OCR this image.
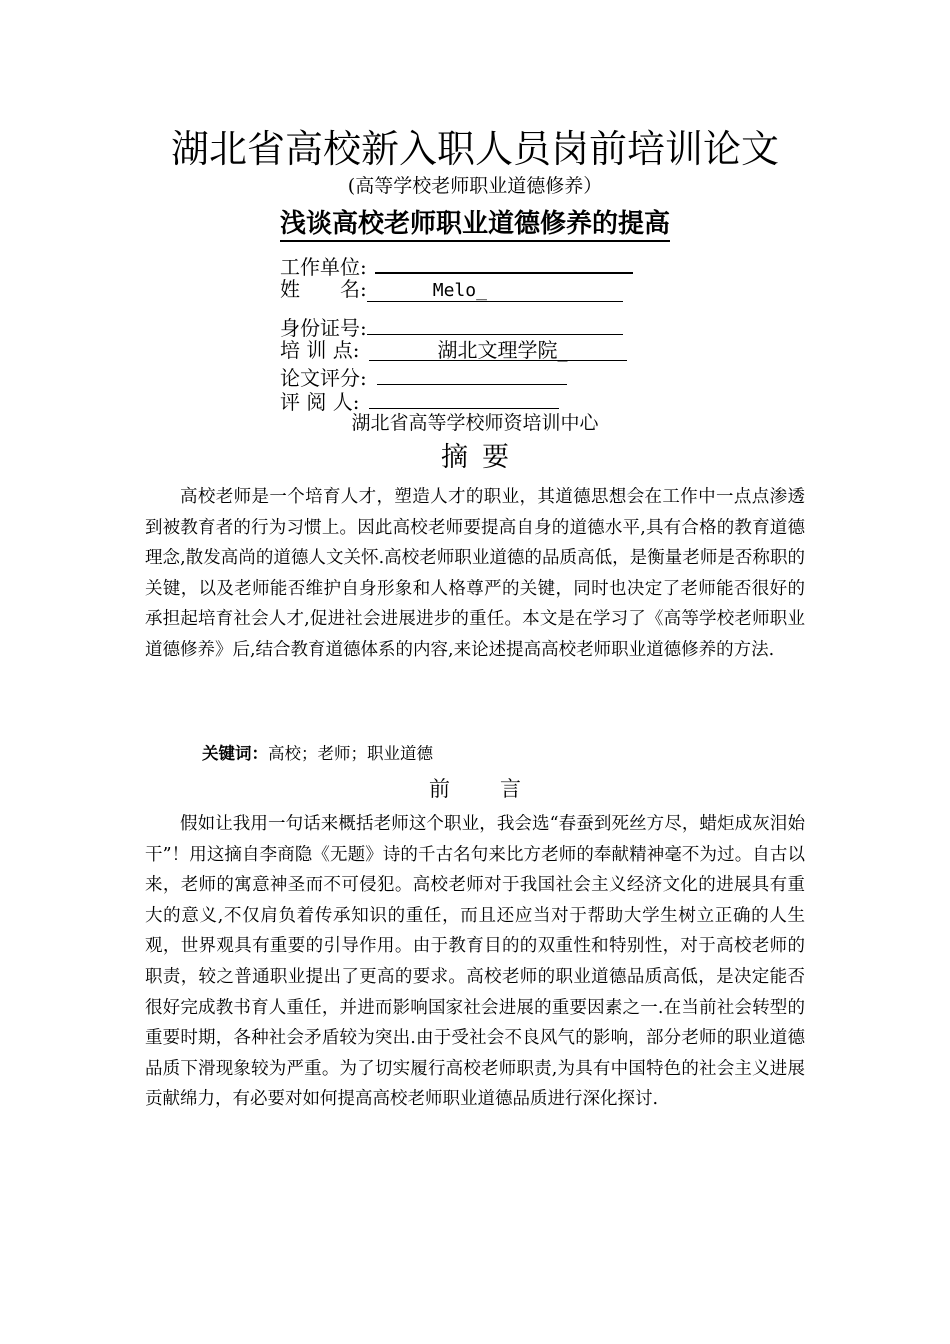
湖北省高校新入职人员岗前培训论文
(高等学校老师职业道德修养）
浅谈高校老师职业道德修养的提高
工作单位:
姓　　名:	Melo_
身份证号:
培 训 点:	湖北文理学院_
论文评分:
评 阅 人:
湖北省高等学校师资培训中心
摘要

高校老师是一个培育人才，塑造人才的职业，其道德思想会在工作中一点点渗透到被教育者的行为习惯上。因此高校老师要提高自身的道德水平,具有合格的教育道德理念,散发高尚的道德人文关怀.高校老师职业道德的品质高低，是衡量老师是否称职的关键，以及老师能否维护自身形象和人格尊严的关键，同时也决定了老师能否很好的承担起培育社会人才,促进社会进展进步的重任。本文是在学习了《高等学校老师职业道德修养》后,结合教育道德体系的内容,来论述提高高校老师职业道德修养的方法.

关键词：高校；老师；职业道德
前 言

假如让我用一句话来概括老师这个职业，我会选“春蚕到死丝方尽，蜡炬成灰泪始干”！用这摘自李商隐《无题》诗的千古名句来比方老师的奉献精神毫不为过。自古以来，老师的寓意神圣而不可侵犯。高校老师对于我国社会主义经济文化的进展具有重大的意义,不仅肩负着传承知识的重任，而且还应当对于帮助大学生树立正确的人生观，世界观具有重要的引导作用。由于教育目的的双重性和特别性，对于高校老师的职责，较之普通职业提出了更高的要求。高校老师的职业道德品质高低，是决定能否很好完成教书育人重任，并进而影响国家社会进展的重要因素之一.在当前社会转型的重要时期，各种社会矛盾较为突出.由于受社会不良风气的影响，部分老师的职业道德品质下滑现象较为严重。为了切实履行高校老师职责,为具有中国特色的社会主义进展贡献绵力，有必要对如何提高高校老师职业道德品质进行深化探讨.
